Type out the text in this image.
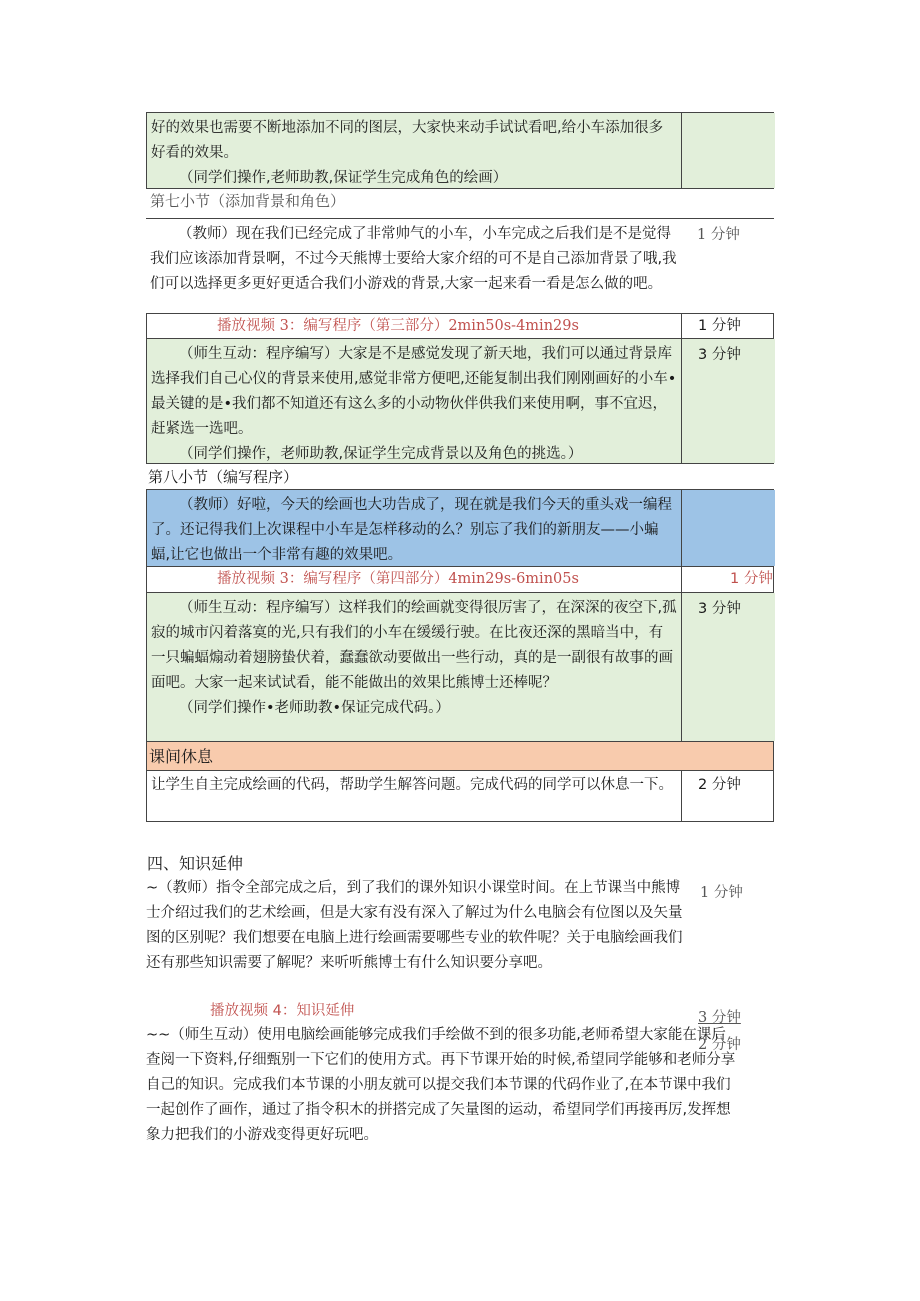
好的效果也需要不断地添加不同的图层，大家快来动手试试看吧,给小车添加很多好看的效果。
（同学们操作,老师助教,保证学生完成角色的绘画）
第七小节（添加背景和角色）
（教师）现在我们已经完成了非常帅气的小车，小车完成之后我们是不是觉得我们应该添加背景啊，不过今天熊博士要给大家介绍的可不是自己添加背景了哦,我们可以选择更多更好更适合我们小游戏的背景,大家一起来看一看是怎么做的吧。
1 分钟
播放视频 3：编写程序（第三部分）2min50s-4min29s	1 分钟
（师生互动：程序编写）大家是不是感觉发现了新天地，我们可以通过背景库选择我们自己心仪的背景来使用,感觉非常方便吧,还能复制出我们刚刚画好的小车•最关键的是•我们都不知道还有这么多的小动物伙伴供我们来使用啊，事不宜迟，赶紧选一选吧。
（同学们操作，老师助教,保证学生完成背景以及角色的挑选。）
3 分钟
第八小节（编写程序）
（教师）好啦，今天的绘画也大功告成了，现在就是我们今天的重头戏一编程了。还记得我们上次课程中小车是怎样移动的么？别忘了我们的新朋友——小蝙蝠,让它也做出一个非常有趣的效果吧。
播放视频 3：编写程序（第四部分）4min29s-6min05s	1 分钟
（师生互动：程序编写）这样我们的绘画就变得很厉害了，在深深的夜空下,孤寂的城市闪着落寞的光,只有我们的小车在缓缓行驶。在比夜还深的黑暗当中，有一只蝙蝠煽动着翅膀蛰伏着，蠢蠢欲动要做出一些行动，真的是一副很有故事的画面吧。大家一起来试试看，能不能做出的效果比熊博士还棒呢？
（同学们操作•老师助教•保证完成代码。）
3 分钟
课间休息
让学生自主完成绘画的代码，帮助学生解答问题。完成代码的同学可以休息一下。	2 分钟
四、知识延伸
~（教师）指令全部完成之后，到了我们的课外知识小课堂时间。在上节课当中熊博士介绍过我们的艺术绘画，但是大家有没有深入了解过为什么电脑会有位图以及矢量图的区别呢？我们想要在电脑上进行绘画需要哪些专业的软件呢？关于电脑绘画我们还有那些知识需要了解呢？来听听熊博士有什么知识要分享吧。
1 分钟
播放视频 4：知识延伸	3 分钟
~~（师生互动）使用电脑绘画能够完成我们手绘做不到的很多功能,老师希望大家能在课后查阅一下资料,仔细甄别一下它们的使用方式。再下节课开始的时候,希望同学能够和老师分享自己的知识。完成我们本节课的小朋友就可以提交我们本节课的代码作业了,在本节课中我们一起创作了画作，通过了指令积木的拼搭完成了矢量图的运动，希望同学们再接再厉,发挥想象力把我们的小游戏变得更好玩吧。
2 分钟
